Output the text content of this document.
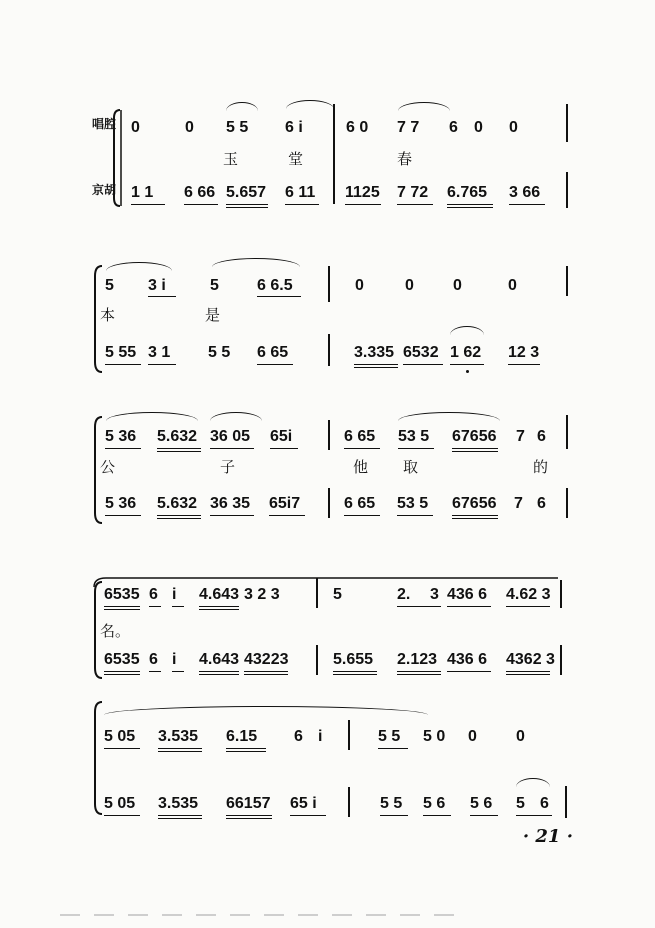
唱腔
京胡
0	0 5 5 6 i	6 0 7 7 6 0 0
玉	堂	春
1 1 6 66 5.657 6 11 1125 7 72 6.765 3 66
5 3 i	5 6 6.5	0	0 0	0
本	是
5 55 3 1 5 5 6 65	3.335 6532 1 62 12 3
5 36 5.632 36 05 65i	6 65 53 5 67656 7 6
公	子	他 取	的
5 36 5.632 36 35 65i7	6 65 53 5 67656 7 6
6535 6 i 4.643 3 2 3	5	2. 3 436 6 4.62 3
名。
6535 6 i 4.643 43223	5.655 2.123 436 6 4362 3
5 05 3.535 6.15 6 i	5 5 5 0 0 0
5 05 3.535 66157 65 i	5 5 5 6 5 6 5 6
· 21 ·
